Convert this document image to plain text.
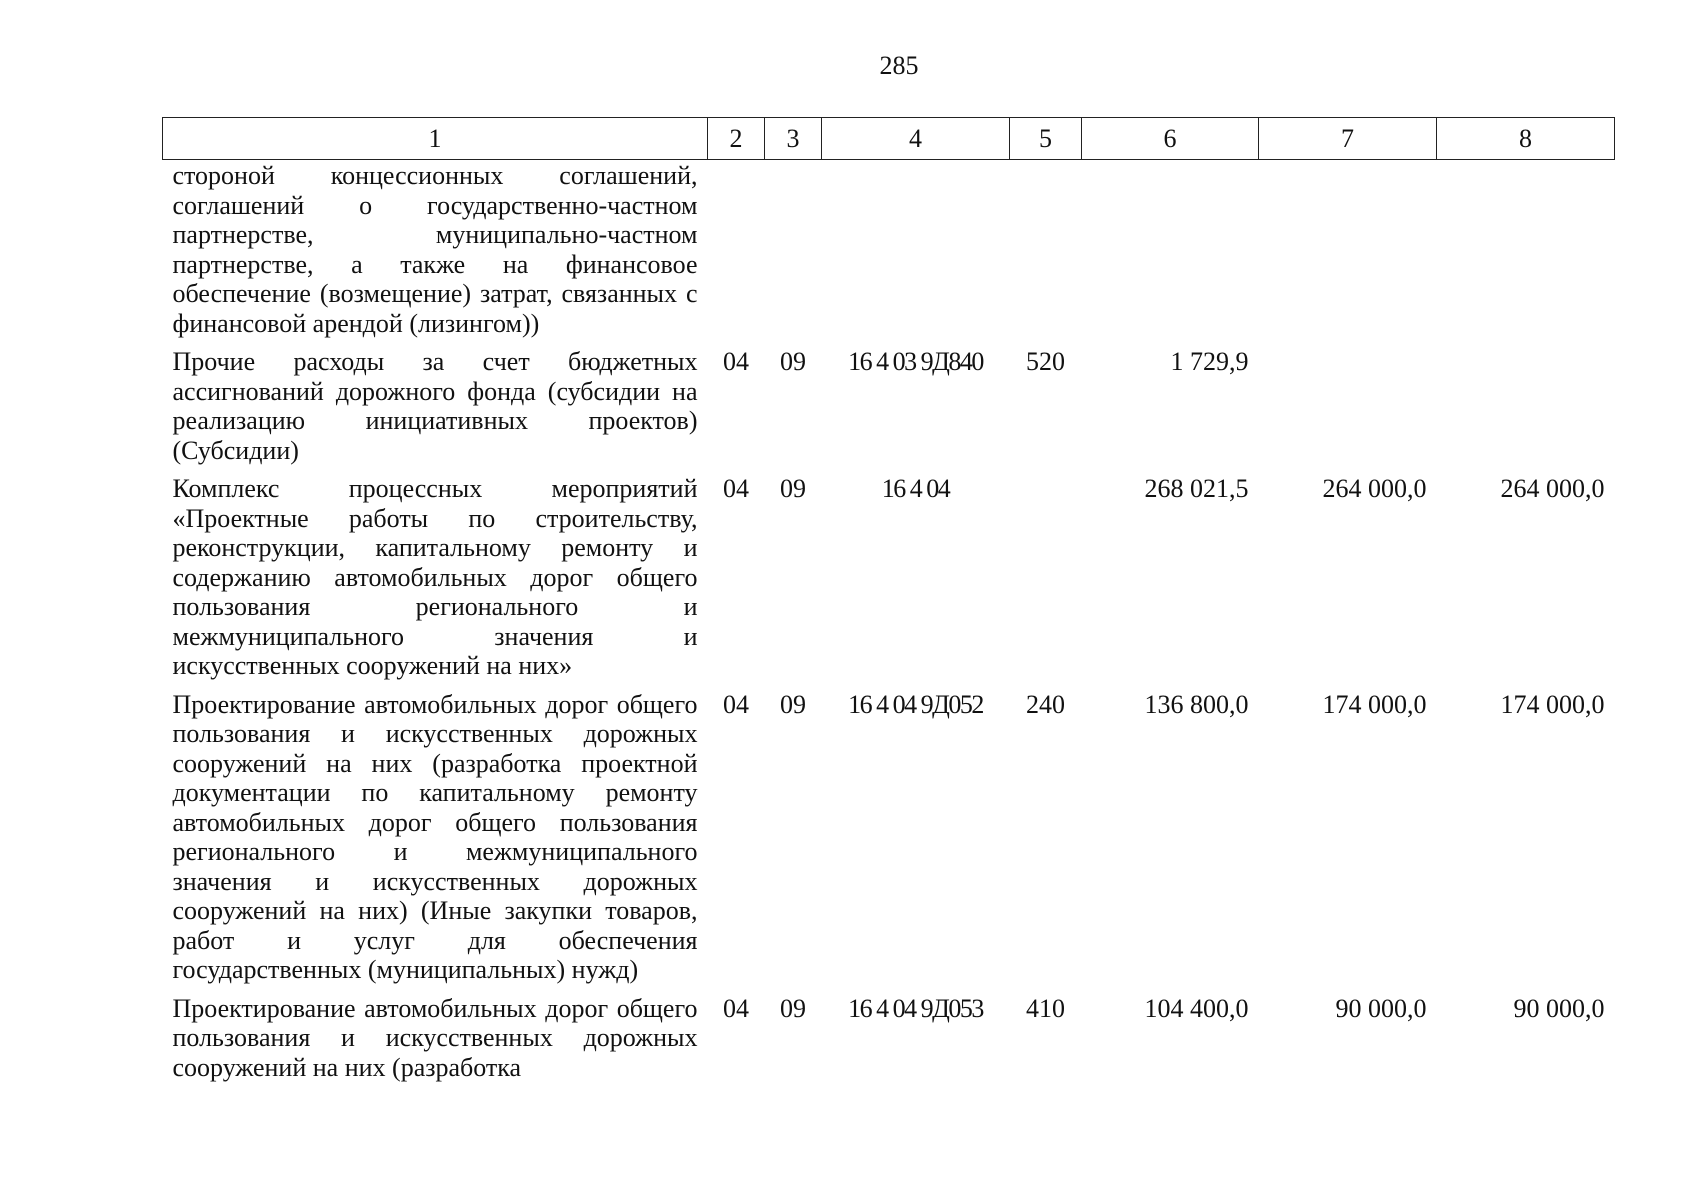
285
1	2	3	4	5	6	7	8
стороной концессионных соглашений, соглашений о государственно-частном партнерстве, муниципально-частном партнерстве, а также на финансовое обеспечение (возмещение) затрат, связанных с финансовой арендой (лизингом))							
Прочие расходы за счет бюджетных ассигнований дорожного фонда (субсидии на реализацию инициативных проектов) (Субсидии)	04	09	16 4 03 9Д840	520	1 729,9		
Комплекс процессных мероприятий «Проектные работы по строительству, реконструкции, капитальному ремонту и содержанию автомобильных дорог общего пользования регионального и межмуниципального значения и искусственных сооружений на них»	04	09	16 4 04		268 021,5	264 000,0	264 000,0
Проектирование автомобильных дорог общего пользования и искусственных дорожных сооружений на них (разработка проектной документации по капитальному ремонту автомобильных дорог общего пользования регионального и межмуниципального значения и искусственных дорожных сооружений на них) (Иные закупки товаров, работ и услуг для обеспечения государственных (муниципальных) нужд)	04	09	16 4 04 9Д052	240	136 800,0	174 000,0	174 000,0
Проектирование автомобильных дорог общего пользования и искусственных дорожных сооружений на них (разработка	04	09	16 4 04 9Д053	410	104 400,0	90 000,0	90 000,0
